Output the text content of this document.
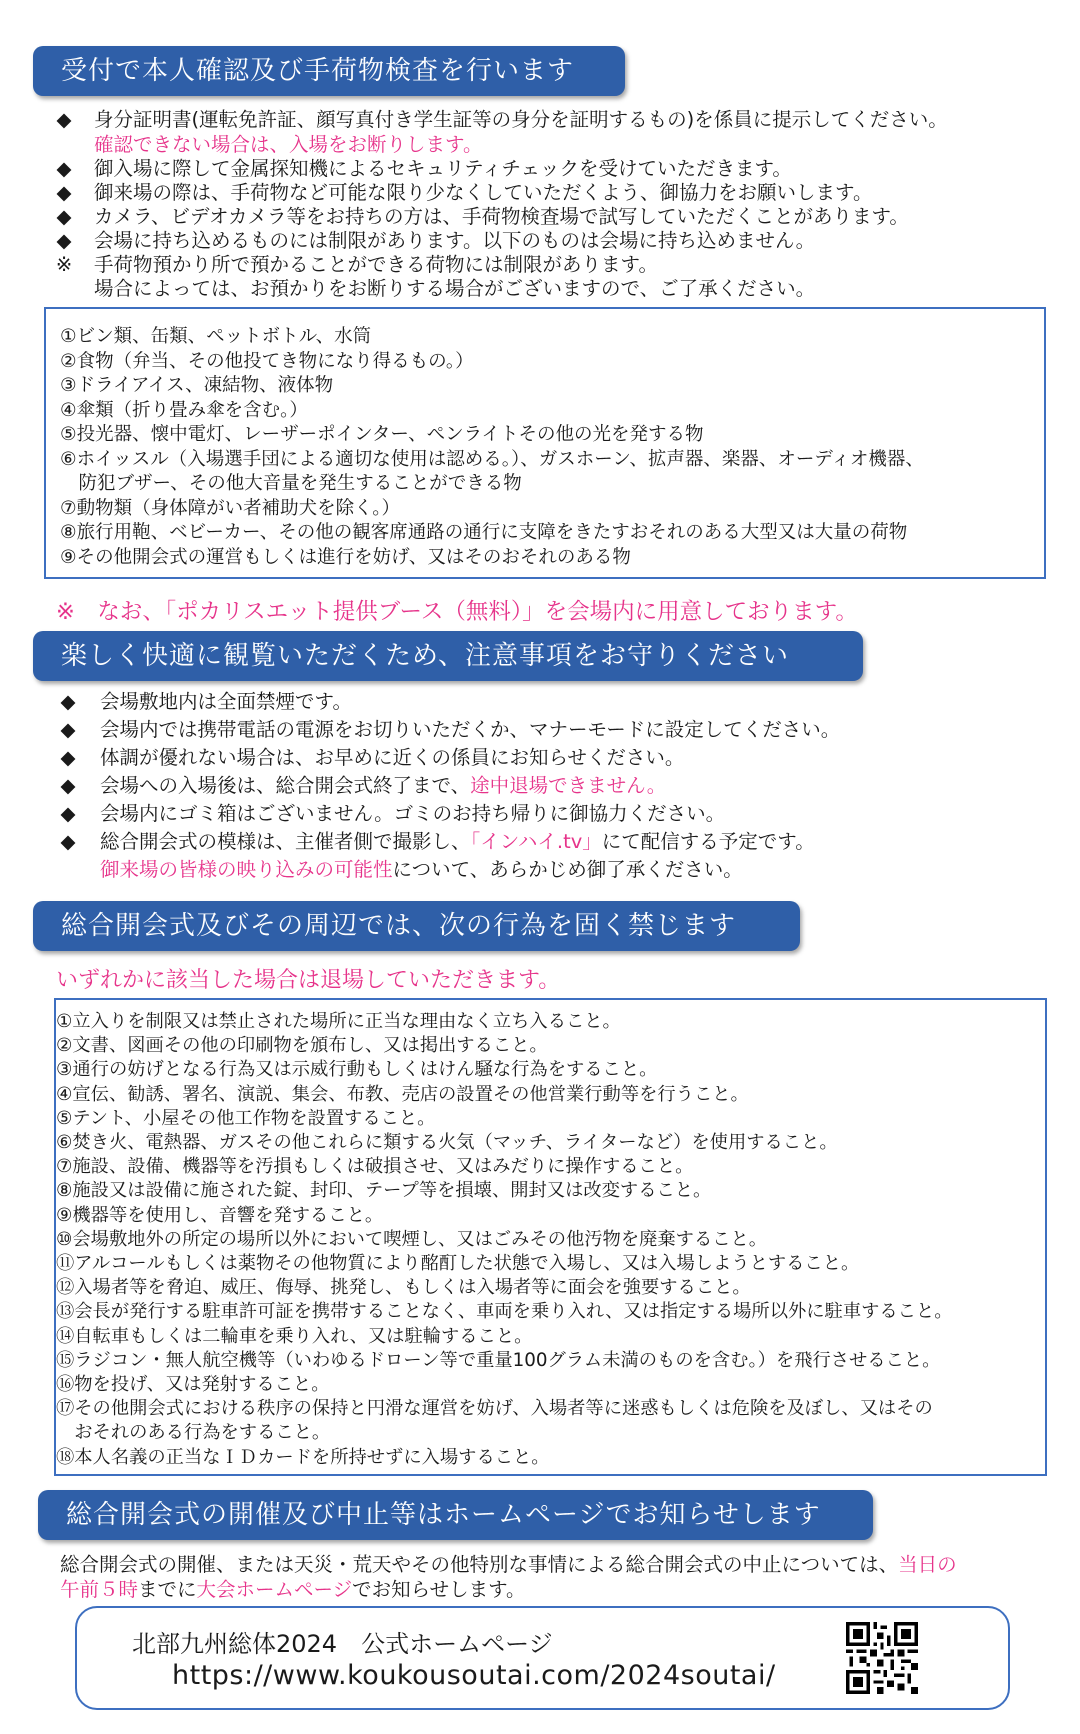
受付で本人確認及び手荷物検査を行います
◆	身分証明書(運転免許証、顔写真付き学生証等の身分を証明するもの)を係員に提示してください。
確認できない場合は、入場をお断りします。
◆	御入場に際して金属探知機によるセキュリティチェックを受けていただきます。
◆	御来場の際は、手荷物など可能な限り少なくしていただくよう、御協力をお願いします。
◆	カメラ、ビデオカメラ等をお持ちの方は、手荷物検査場で試写していただくことがあります。
◆	会場に持ち込めるものには制限があります。以下のものは会場に持ち込めません。
※ 手荷物預かり所で預かることができる荷物には制限があります。
場合によっては、お預かりをお断りする場合がございますので、ご了承ください。
①ビン類、缶類、ペットボトル、水筒
②食物（弁当、その他投てき物になり得るもの。）
③ドライアイス、凍結物、液体物
④傘類（折り畳み傘を含む。）
⑤投光器、懐中電灯、レーザーポインター、ペンライトその他の光を発する物
⑥ホイッスル（入場選手団による適切な使用は認める。）、ガスホーン、拡声器、楽器、オーディオ機器、
　防犯ブザー、その他大音量を発生することができる物
⑦動物類（身体障がい者補助犬を除く。）
⑧旅行用鞄、ベビーカー、その他の観客席通路の通行に支障をきたすおそれのある大型又は大量の荷物
⑨その他開会式の運営もしくは進行を妨げ、又はそのおそれのある物
※　なお、「ポカリスエット提供ブース（無料）」を会場内に用意しております。
楽しく快適に観覧いただくため、注意事項をお守りください
◆	会場敷地内は全面禁煙です。
◆	会場内では携帯電話の電源をお切りいただくか、マナーモードに設定してください。
◆	体調が優れない場合は、お早めに近くの係員にお知らせください。
◆	会場への入場後は、総合開会式終了まで、途中退場できません。
◆	会場内にゴミ箱はございません。ゴミのお持ち帰りに御協力ください。
◆	総合開会式の模様は、主催者側で撮影し、「インハイ.tv」にて配信する予定です。
御来場の皆様の映り込みの可能性について、あらかじめ御了承ください。
総合開会式及びその周辺では、次の行為を固く禁じます
いずれかに該当した場合は退場していただきます。
①立入りを制限又は禁止された場所に正当な理由なく立ち入ること。
②文書、図画その他の印刷物を頒布し、又は掲出すること。
③通行の妨げとなる行為又は示威行動もしくはけん騒な行為をすること。
④宣伝、勧誘、署名、演説、集会、布教、売店の設置その他営業行動等を行うこと。
⑤テント、小屋その他工作物を設置すること。
⑥焚き火、電熱器、ガスその他これらに類する火気（マッチ、ライターなど）を使用すること。
⑦施設、設備、機器等を汚損もしくは破損させ、又はみだりに操作すること。
⑧施設又は設備に施された錠、封印、テープ等を損壊、開封又は改変すること。
⑨機器等を使用し、音響を発すること。
⑩会場敷地外の所定の場所以外において喫煙し、又はごみその他汚物を廃棄すること。
⑪アルコールもしくは薬物その他物質により酩酊した状態で入場し、又は入場しようとすること。
⑫入場者等を脅迫、威圧、侮辱、挑発し、もしくは入場者等に面会を強要すること。
⑬会長が発行する駐車許可証を携帯することなく、車両を乗り入れ、又は指定する場所以外に駐車すること。
⑭自転車もしくは二輪車を乗り入れ、又は駐輪すること。
⑮ラジコン・無人航空機等（いわゆるドローン等で重量100グラム未満のものを含む。）を飛行させること。
⑯物を投げ、又は発射すること。
⑰その他開会式における秩序の保持と円滑な運営を妨げ、入場者等に迷惑もしくは危険を及ぼし、又はその
　おそれのある行為をすること。
⑱本人名義の正当なＩＤカードを所持せずに入場すること。
総合開会式の開催及び中止等はホームページでお知らせします
総合開会式の開催、または天災・荒天やその他特別な事情による総合開会式の中止については、当日の
午前５時までに大会ホームページでお知らせします。
北部九州総体2024　公式ホームページ
https://www.koukousoutai.com/2024soutai/
